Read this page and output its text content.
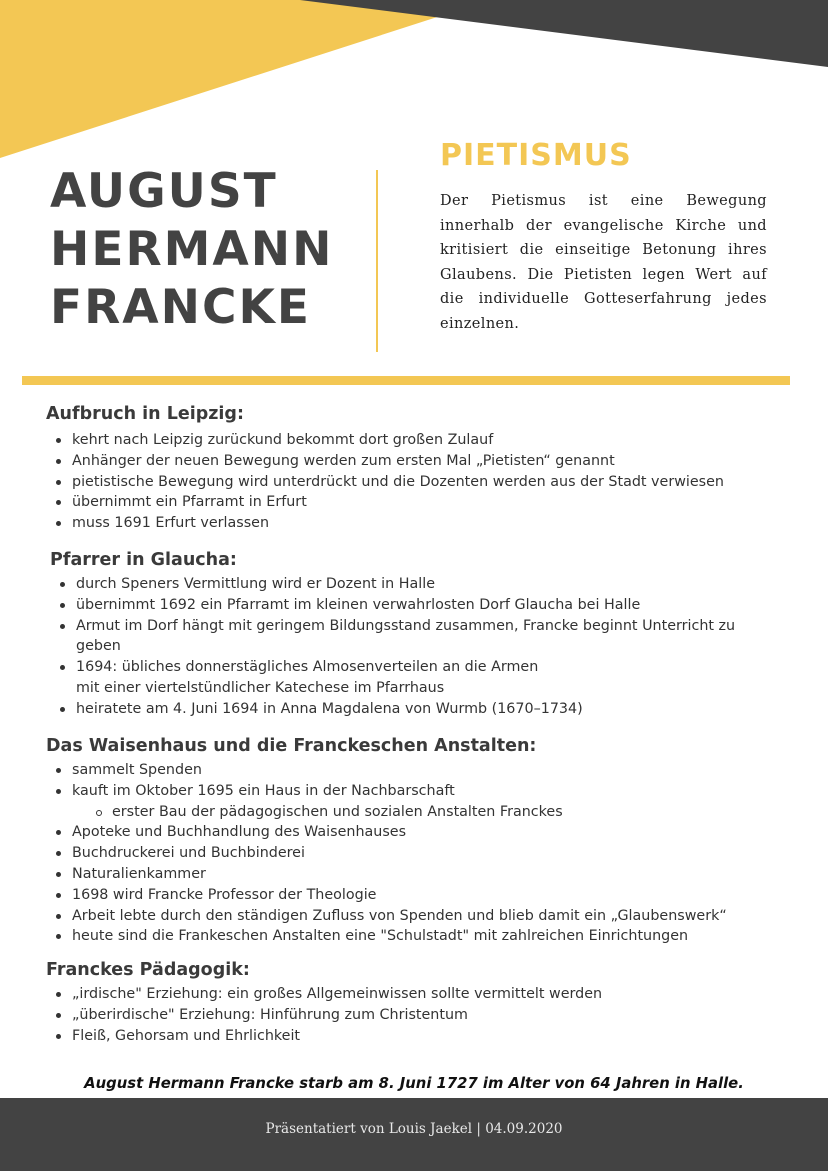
AUGUST
HERMANN
FRANCKE
PIETISMUS

Der Pietismus ist eine Bewegung innerhalb der evangelische Kirche und kritisiert die einseitige Betonung ihres Glaubens. Die Pietisten legen Wert auf die individuelle Gotteserfahrung jedes einzelnen.

Aufbruch in Leipzig:
kehrt nach Leipzig zurückund bekommt dort großen Zulauf
Anhänger der neuen Bewegung werden zum ersten Mal „Pietisten“ genannt
pietistische Bewegung wird unterdrückt und die Dozenten werden aus der Stadt verwiesen
übernimmt ein Pfarramt in Erfurt
muss 1691 Erfurt verlassen
Pfarrer in Glaucha:
durch Speners Vermittlung wird er Dozent in Halle
übernimmt 1692 ein Pfarramt im kleinen verwahrlosten Dorf Glaucha bei Halle
Armut im Dorf hängt mit geringem Bildungsstand zusammen, Francke beginnt Unterricht zu geben
1694: übliches donnerstägliches Almosenverteilen an die Armen
mit einer viertelstündlicher Katechese im Pfarrhaus
heiratete am 4. Juni 1694 in Anna Magdalena von Wurmb (1670–1734)
Das Waisenhaus und die Franckeschen Anstalten:
sammelt Spenden
kauft im Oktober 1695 ein Haus in der Nachbarschaft
erster Bau der pädagogischen und sozialen Anstalten Franckes
Apoteke und Buchhandlung des Waisenhauses
Buchdruckerei und Buchbinderei
Naturalienkammer
1698 wird Francke Professor der Theologie
Arbeit lebte durch den ständigen Zufluss von Spenden und blieb damit ein „Glaubenswerk“
heute sind die Frankeschen Anstalten eine "Schulstadt" mit zahlreichen Einrichtungen
Franckes Pädagogik:
„irdische" Erziehung: ein großes Allgemeinwissen sollte vermittelt werden
„überirdische" Erziehung: Hinführung zum Christentum
Fleiß, Gehorsam und Ehrlichkeit

August Hermann Francke starb am 8. Juni 1727 im Alter von 64 Jahren in Halle.

Präsentatiert von Louis Jaekel | 04.09.2020
